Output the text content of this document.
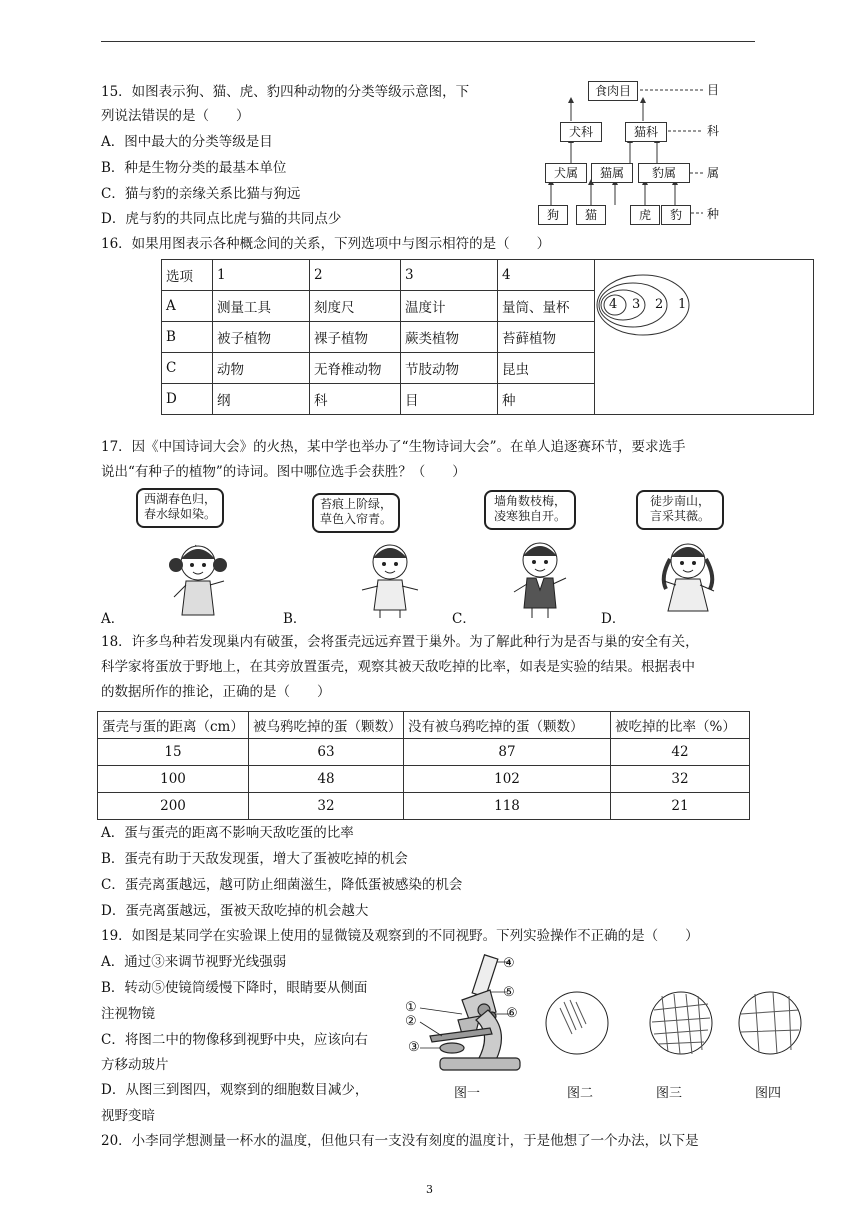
15．如图表示狗、猫、虎、豹四种动物的分类等级示意图，下
列说法错误的是（　　）
A．图中最大的分类等级是目
B．种是生物分类的最基本单位
C．猫与豹的亲缘关系比猫与狗远
D．虎与豹的共同点比虎与猫的共同点少
食肉目
犬科	猫科
犬属	猫属	豹属
狗	猫	虎	豹
目
科
属
种
16．如果用图表示各种概念间的关系，下列选项中与图示相符的是（　　）
选项	1	2	3	4	4 3 2 1

A	测量工具	刻度尺	温度计	量筒、量杯	
B	被子植物	裸子植物	蕨类植物	苔藓植物	
C	动物	无脊椎动物	节肢动物	昆虫	
D	纲	科	目	种	
17．因《中国诗词大会》的火热，某中学也举办了“生物诗词大会”。在单人追逐赛环节，要求选手
说出“有种子的植物”的诗词。图中哪位选手会获胜？（　　）
西湖春色归，
春水绿如染。
苔痕上阶绿，
草色入帘青。
墙角数枝梅，
凌寒独自开。
徒步南山，
言采其薇。
A．	B．	C．	D．
18．许多鸟种若发现巢内有破蛋，会将蛋壳远远弃置于巢外。为了解此种行为是否与巢的安全有关，
科学家将蛋放于野地上，在其旁放置蛋壳，观察其被天敌吃掉的比率，如表是实验的结果。根据表中
的数据所作的推论，正确的是（　　）
蛋壳与蛋的距离（cm）	被乌鸦吃掉的蛋（颗数）	没有被乌鸦吃掉的蛋（颗数）	被吃掉的比率（%）
15	63	87	42
100	48	102	32
200	32	118	21
A．蛋与蛋壳的距离不影响天敌吃蛋的比率
B．蛋壳有助于天敌发现蛋，增大了蛋被吃掉的机会
C．蛋壳离蛋越远，越可防止细菌滋生，降低蛋被感染的机会
D．蛋壳离蛋越远，蛋被天敌吃掉的机会越大
19．如图是某同学在实验课上使用的显微镜及观察到的不同视野。下列实验操作不正确的是（　　）
A．通过③来调节视野光线强弱
B．转动⑤使镜筒缓慢下降时，眼睛要从侧面
注视物镜
C．将图二中的物像移到视野中央，应该向右
方移动玻片
D．从图三到图四，观察到的细胞数目减少，
视野变暗
④
⑤
⑥
①
②
③
图一	图二	图三	图四
20．小李同学想测量一杯水的温度，但他只有一支没有刻度的温度计，于是他想了一个办法，以下是
3
